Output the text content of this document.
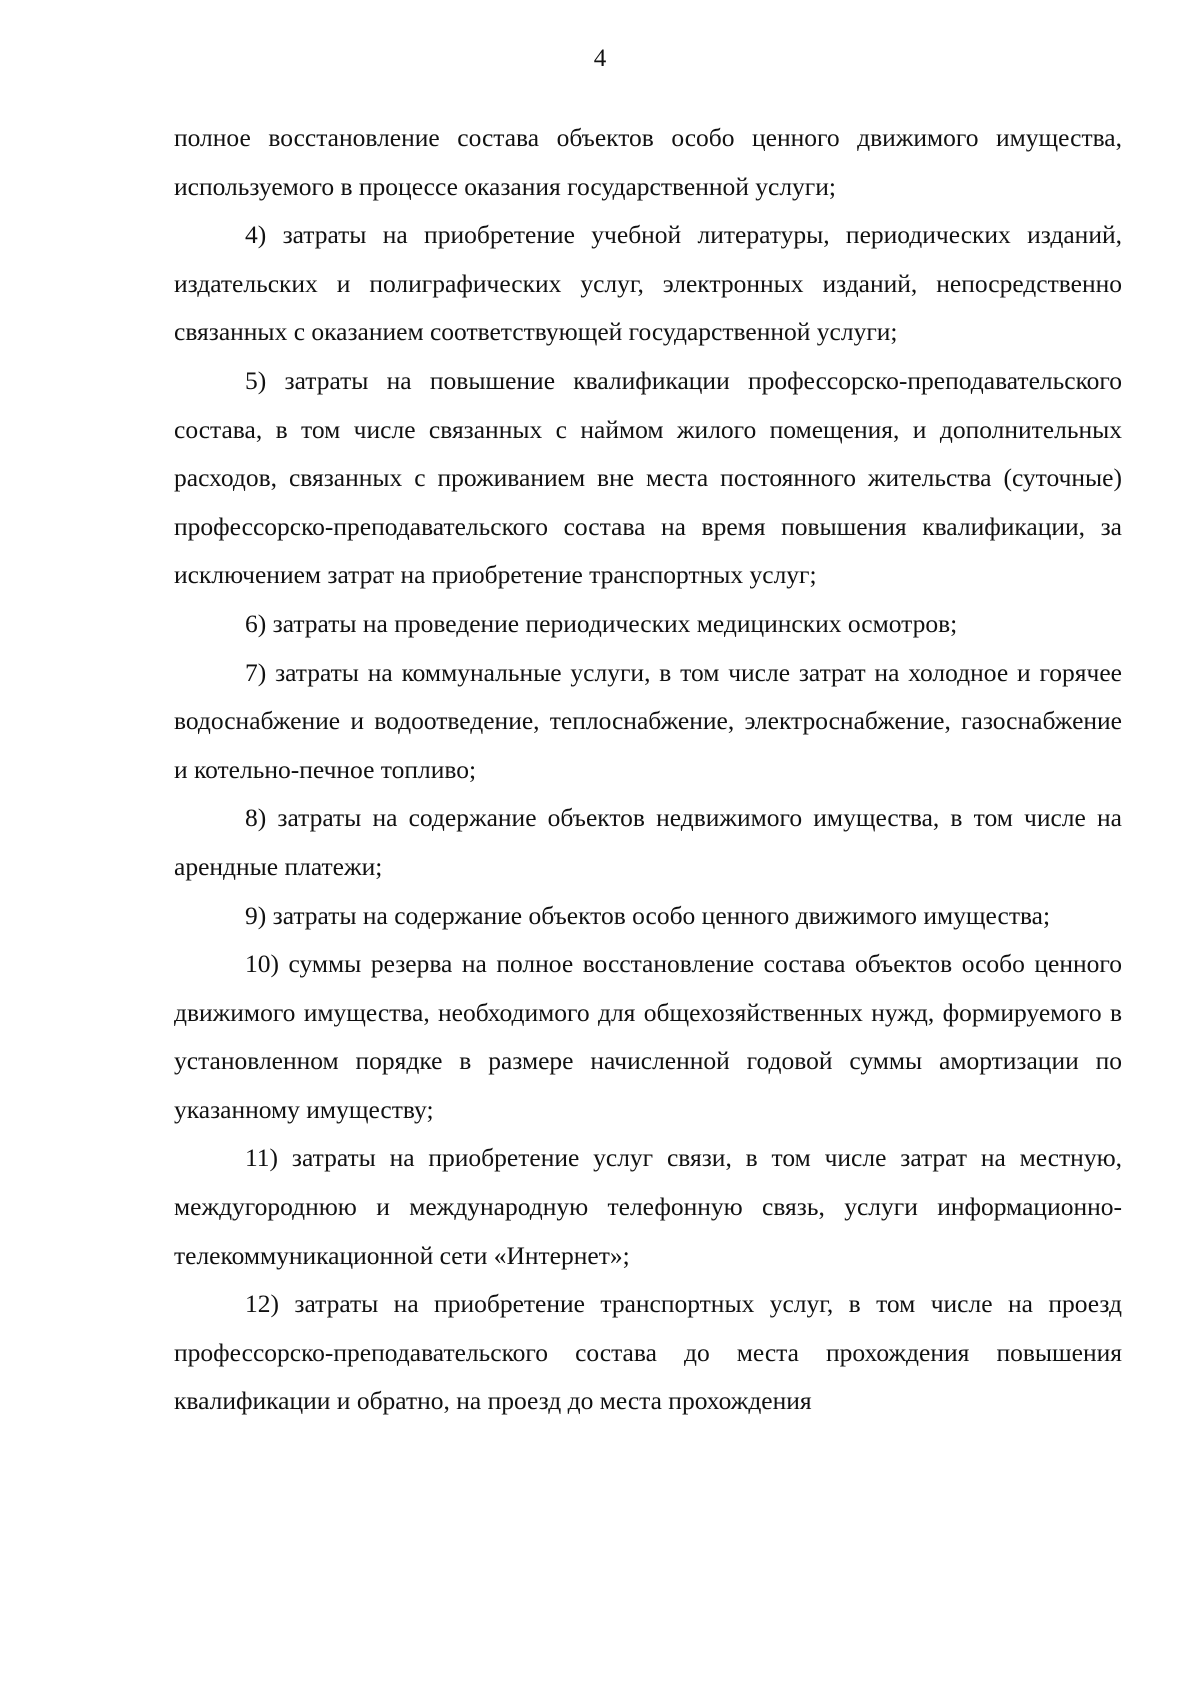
4

полное восстановление состава объектов особо ценного движимого имущества, используемого в процессе оказания государственной услуги;

4) затраты на приобретение учебной литературы, периодических изданий, издательских и полиграфических услуг, электронных изданий, непосредственно связанных с оказанием соответствующей государственной услуги;

5) затраты на повышение квалификации профессорско-преподавательского состава, в том числе связанных с наймом жилого помещения, и дополнительных расходов, связанных с проживанием вне места постоянного жительства (суточные) профессорско-преподавательского состава на время повышения квалификации, за исключением затрат на приобретение транспортных услуг;

6) затраты на проведение периодических медицинских осмотров;

7) затраты на коммунальные услуги, в том числе затрат на холодное и горячее водоснабжение и водоотведение, теплоснабжение, электроснабжение, газоснабжение и котельно-печное топливо;

8) затраты на содержание объектов недвижимого имущества, в том числе на арендные платежи;

9) затраты на содержание объектов особо ценного движимого имущества;

10) суммы резерва на полное восстановление состава объектов особо ценного движимого имущества, необходимого для общехозяйственных нужд, формируемого в установленном порядке в размере начисленной годовой суммы амортизации по указанному имуществу;

11) затраты на приобретение услуг связи, в том числе затрат на местную, междугороднюю и международную телефонную связь, услуги информационно-телекоммуникационной сети «Интернет»;

12) затраты на приобретение транспортных услуг, в том числе на проезд профессорско-преподавательского состава до места прохождения повышения квалификации и обратно, на проезд до места прохождения
